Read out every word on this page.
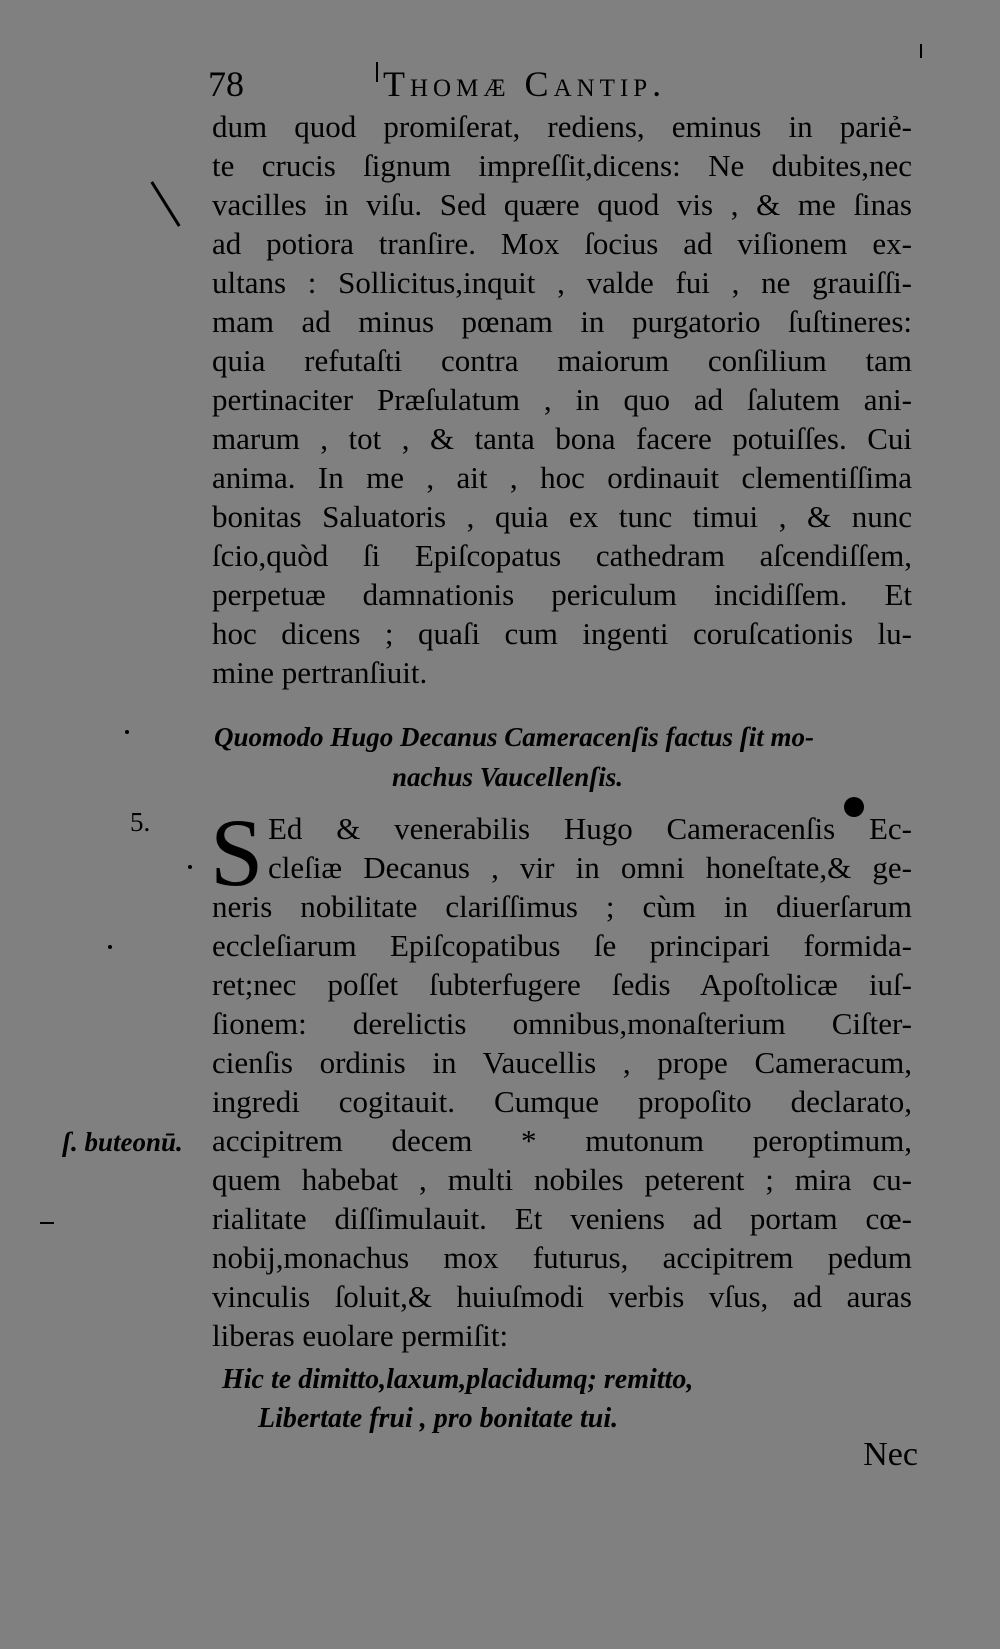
78	Thomæ Cantip.
dum quod promiſerat, rediens, eminus in pariẻ-
te crucis ſignum impreſſit,dicens: Ne dubites,nec
vacilles in viſu. Sed quære quod vis , & me ſinas
ad potiora tranſire. Mox ſocius ad viſionem ex-
ultans : Sollicitus,inquit , valde fui , ne grauiſſi-
mam ad minus pœnam in purgatorio ſuſtineres:
quia refutaſti contra maiorum conſilium tam
pertinaciter Præſulatum , in quo ad ſalutem ani-
marum , tot , & tanta bona facere potuiſſes. Cui
anima. In me , ait , hoc ordinauit clementiſſima
bonitas Saluatoris , quia ex tunc timui , & nunc
ſcio,quòd ſi Epiſcopatus cathedram aſcendiſſem,
perpetuæ damnationis periculum incidiſſem. Et
hoc dicens ; quaſi cum ingenti coruſcationis lu-
mine pertranſiuit.
Quomodo Hugo Decanus Cameracenſis factus ſit mo-
nachus Vaucellenſis.
5. S Ed & venerabilis Hugo Cameracenſis Ec-
cleſiæ Decanus , vir in omni honeſtate,& ge-
neris nobilitate clariſſimus ; cùm in diuerſarum
eccleſiarum Epiſcopatibus ſe principari formida-
ret;nec poſſet ſubterfugere ſedis Apoſtolicæ iuſ-
ſionem: derelictis omnibus,monaſterium Ciſter-
cienſis ordinis in Vaucellis , prope Cameracum,
ingredi cogitauit. Cumque propoſito declarato,
accipitrem decem * mutonum peroptimum,
quem habebat , multi nobiles peterent ; mira cu-
rialitate diſſimulauit. Et veniens ad portam cœ-
nobij,monachus mox futurus, accipitrem pedum
vinculis ſoluit,& huiuſmodi verbis vſus, ad auras
liberas euolare permiſit:
ſ. buteonū.
Hic te dimitto,laxum,placidumq; remitto,
Libertate frui , pro bonitate tui.
Nec
